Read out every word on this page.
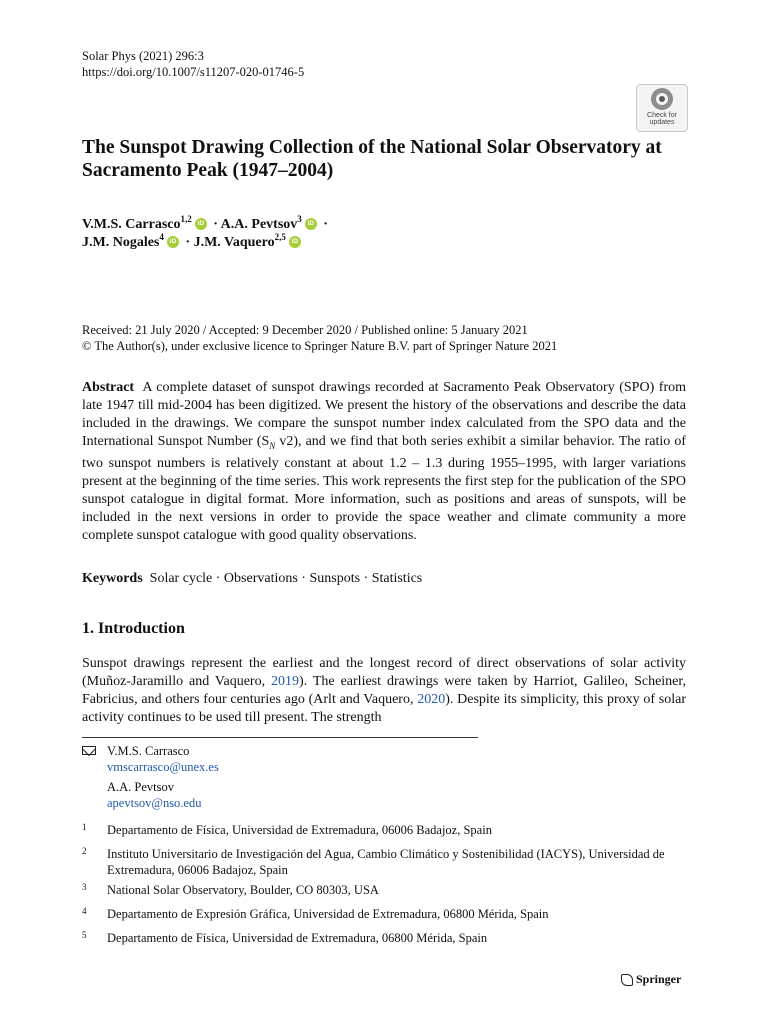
Solar Phys (2021) 296:3
https://doi.org/10.1007/s11207-020-01746-5
Check for
updates
The Sunspot Drawing Collection of the National Solar Observatory at Sacramento Peak (1947–2004)
V.M.S. Carrasco$^{1,2}$ iD · A.A. Pevtsov$^3$ iD ·
J.M. Nogales$^4$ iD · J.M. Vaquero$^{2,5}$iD
Received: 21 July 2020 / Accepted: 9 December 2020 / Published online: 5 January 2021
© The Author(s), under exclusive licence to Springer Nature B.V. part of Springer Nature 2021
Abstract A complete dataset of sunspot drawings recorded at Sacramento Peak Observatory (SPO) from late 1947 till mid-2004 has been digitized. We present the history of the observations and describe the data included in the drawings. We compare the sunspot number index calculated from the SPO data and the International Sunspot Number ($S_N$ v2), and we find that both series exhibit a similar behavior. The ratio of two sunspot numbers is relatively constant at about 1.2 – 1.3 during 1955–1995, with larger variations present at the beginning of the time series. This work represents the first step for the publication of the SPO sunspot catalogue in digital format. More information, such as positions and areas of sunspots, will be included in the next versions in order to provide the space weather and climate community a more complete sunspot catalogue with good quality observations.
Keywords Solar cycle · Observations · Sunspots · Statistics
1. Introduction
Sunspot drawings represent the earliest and the longest record of direct observations of solar activity (Muñoz-Jaramillo and Vaquero, 2019). The earliest drawings were taken by Harriot, Galileo, Scheiner, Fabricius, and others four centuries ago (Arlt and Vaquero, 2020). Despite its simplicity, this proxy of solar activity continues to be used till present. The strength
V.M.S. Carrasco
vmscarrasco@unex.es
A.A. Pevtsov
apevtsov@nso.edu
1 Departamento de Física, Universidad de Extremadura, 06006 Badajoz, Spain
2 Instituto Universitario de Investigación del Agua, Cambio Climático y Sostenibilidad (IACYS), Universidad de Extremadura, 06006 Badajoz, Spain
3 National Solar Observatory, Boulder, CO 80303, USA
4 Departamento de Expresión Gráfica, Universidad de Extremadura, 06800 Mérida, Spain
5 Departamento de Física, Universidad de Extremadura, 06800 Mérida, Spain
Springer
